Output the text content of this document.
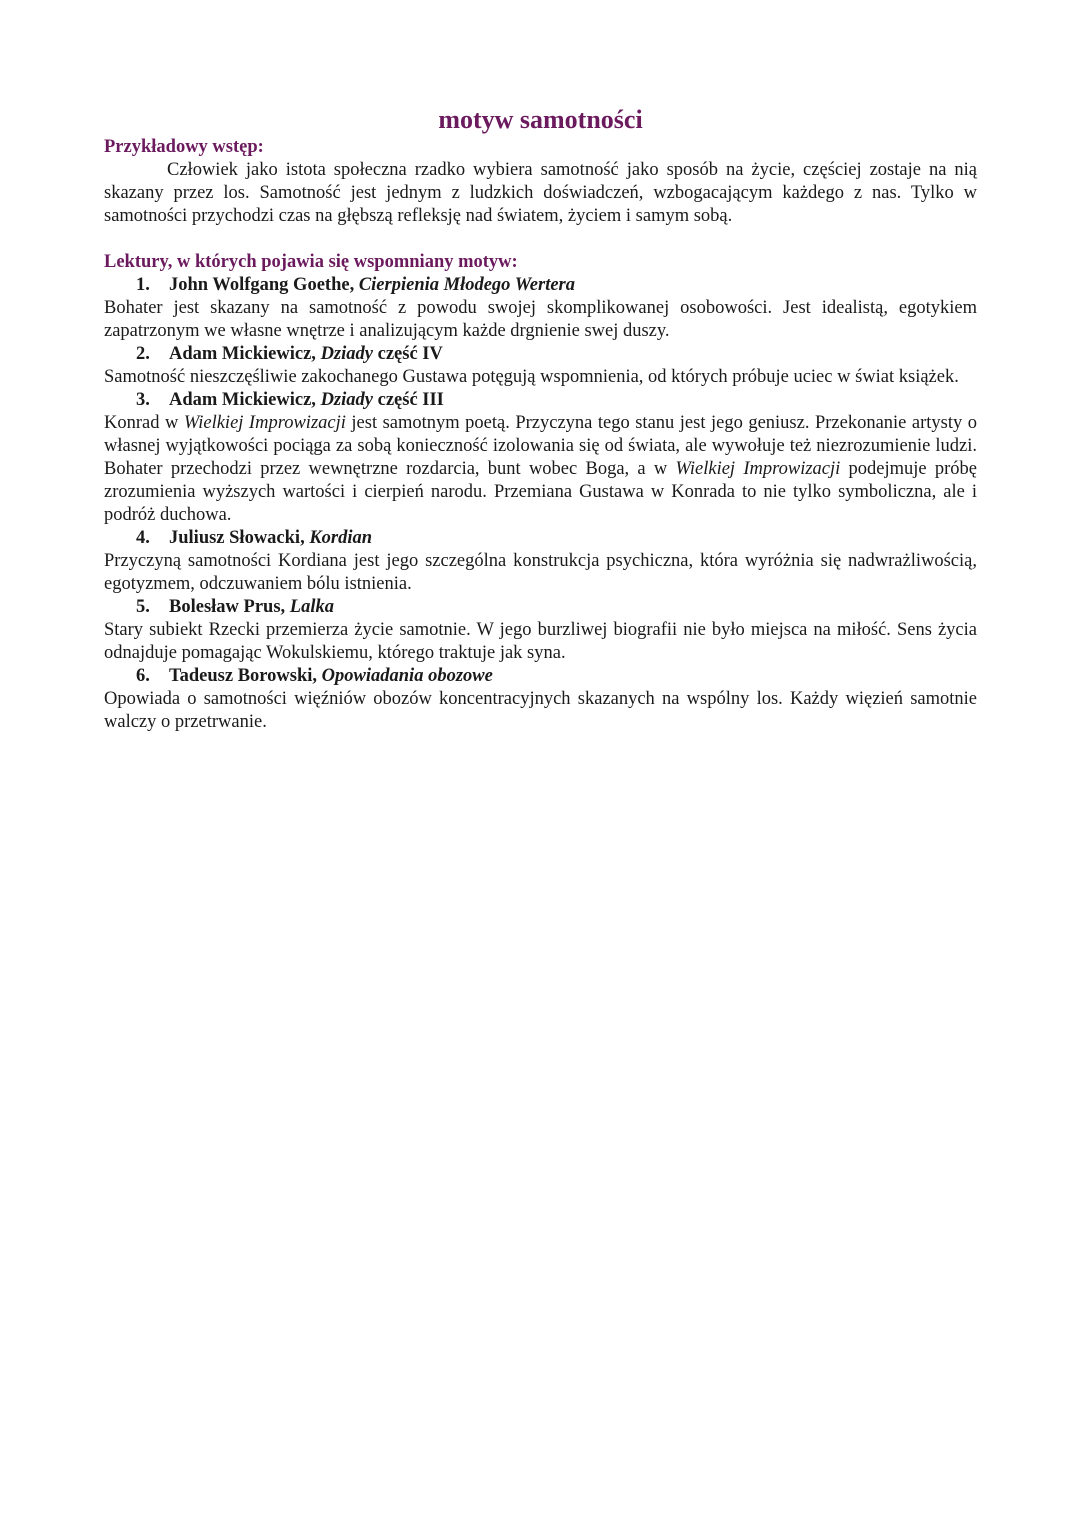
motyw samotności
Przykładowy wstęp:

Człowiek jako istota społeczna rzadko wybiera samotność jako sposób na życie, częściej zostaje na nią skazany przez los. Samotność jest jednym z ludzkich doświadczeń, wzbogacającym każdego z nas. Tylko w samotności przychodzi czas na głębszą refleksję nad światem, życiem i samym sobą.

Lektury, w których pojawia się wspomniany motyw:
1. John Wolfgang Goethe, Cierpienia Młodego Wertera

Bohater jest skazany na samotność z powodu swojej skomplikowanej osobowości. Jest idealistą, egotykiem zapatrzonym we własne wnętrze i analizującym każde drgnienie swej duszy.

2. Adam Mickiewicz, Dziady część IV

Samotność nieszczęśliwie zakochanego Gustawa potęgują wspomnienia, od których próbuje uciec w świat książek.

3. Adam Mickiewicz, Dziady część III

Konrad w Wielkiej Improwizacji jest samotnym poetą. Przyczyna tego stanu jest jego geniusz. Przekonanie artysty o własnej wyjątkowości pociąga za sobą konieczność izolowania się od świata, ale wywołuje też niezrozumienie ludzi. Bohater przechodzi przez wewnętrzne rozdarcia, bunt wobec Boga, a w Wielkiej Improwizacji podejmuje próbę zrozumienia wyższych wartości i cierpień narodu. Przemiana Gustawa w Konrada to nie tylko symboliczna, ale i podróż duchowa.

4. Juliusz Słowacki, Kordian

Przyczyną samotności Kordiana jest jego szczególna konstrukcja psychiczna, która wyróżnia się nadwrażliwością, egotyzmem, odczuwaniem bólu istnienia.

5. Bolesław Prus, Lalka

Stary subiekt Rzecki przemierza życie samotnie. W jego burzliwej biografii nie było miejsca na miłość. Sens życia odnajduje pomagając Wokulskiemu, którego traktuje jak syna.

6. Tadeusz Borowski, Opowiadania obozowe

Opowiada o samotności więźniów obozów koncentracyjnych skazanych na wspólny los. Każdy więzień samotnie walczy o przetrwanie.
